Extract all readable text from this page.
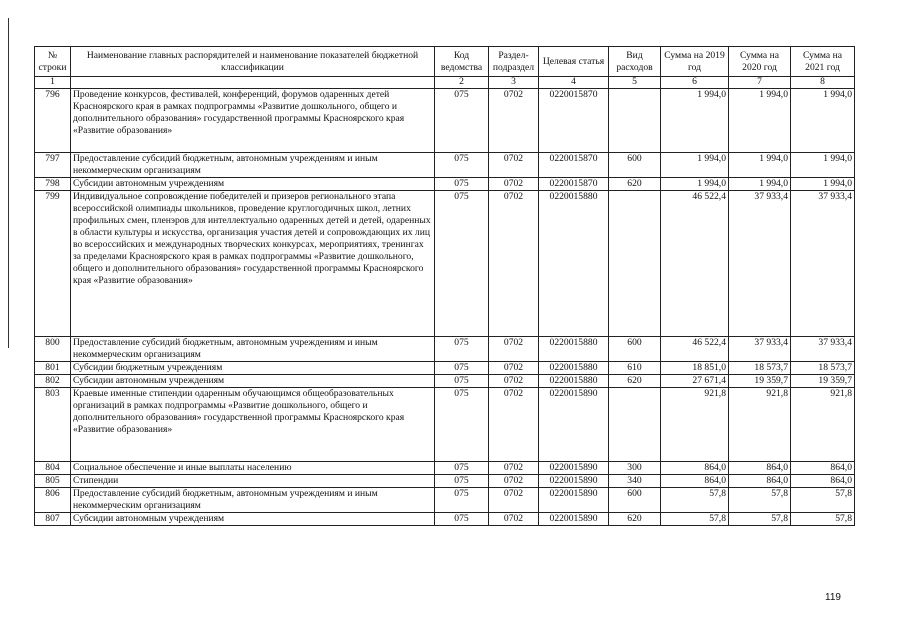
№ строки	Наименование главных распорядителей и наименование показателей бюджетной классификации	Код ведомства	Раздел-подраздел	Целевая статья	Вид расходов	Сумма на 2019 год	Сумма на 2020 год	Сумма на 2021 год
1		2	3	4	5	6	7	8
796	Проведение конкурсов, фестивалей, конференций, форумов одаренных детей Красноярского края в рамках подпрограммы «Развитие дошкольного, общего и дополнительного образования» государственной программы Красноярского края «Развитие образования»	075	0702	0220015870		1 994,0	1 994,0	1 994,0
797	Предоставление субсидий бюджетным, автономным учреждениям и иным некоммерческим организациям	075	0702	0220015870	600	1 994,0	1 994,0	1 994,0
798	Субсидии автономным учреждениям	075	0702	0220015870	620	1 994,0	1 994,0	1 994,0
799	Индивидуальное сопровождение победителей и призеров регионального этапа всероссийской олимпиады школьников, проведение круглогодичных школ, летних профильных смен, пленэров для интеллектуально одаренных детей и детей, одаренных в области культуры и искусства, организация участия детей и сопровождающих их лиц во всероссийских и международных творческих конкурсах, мероприятиях, тренингах за пределами Красноярского края в рамках подпрограммы «Развитие дошкольного, общего и дополнительного образования» государственной программы Красноярского края «Развитие образования»	075	0702	0220015880		46 522,4	37 933,4	37 933,4
800	Предоставление субсидий бюджетным, автономным учреждениям и иным некоммерческим организациям	075	0702	0220015880	600	46 522,4	37 933,4	37 933,4
801	Субсидии бюджетным учреждениям	075	0702	0220015880	610	18 851,0	18 573,7	18 573,7
802	Субсидии автономным учреждениям	075	0702	0220015880	620	27 671,4	19 359,7	19 359,7
803	Краевые именные стипендии одаренным обучающимся общеобразовательных организаций в рамках подпрограммы «Развитие дошкольного, общего и дополнительного образования» государственной программы Красноярского края «Развитие образования»	075	0702	0220015890		921,8	921,8	921,8
804	Социальное обеспечение и иные выплаты населению	075	0702	0220015890	300	864,0	864,0	864,0
805	Стипендии	075	0702	0220015890	340	864,0	864,0	864,0
806	Предоставление субсидий бюджетным, автономным учреждениям и иным некоммерческим организациям	075	0702	0220015890	600	57,8	57,8	57,8
807	Субсидии автономным учреждениям	075	0702	0220015890	620	57,8	57,8	57,8
119
